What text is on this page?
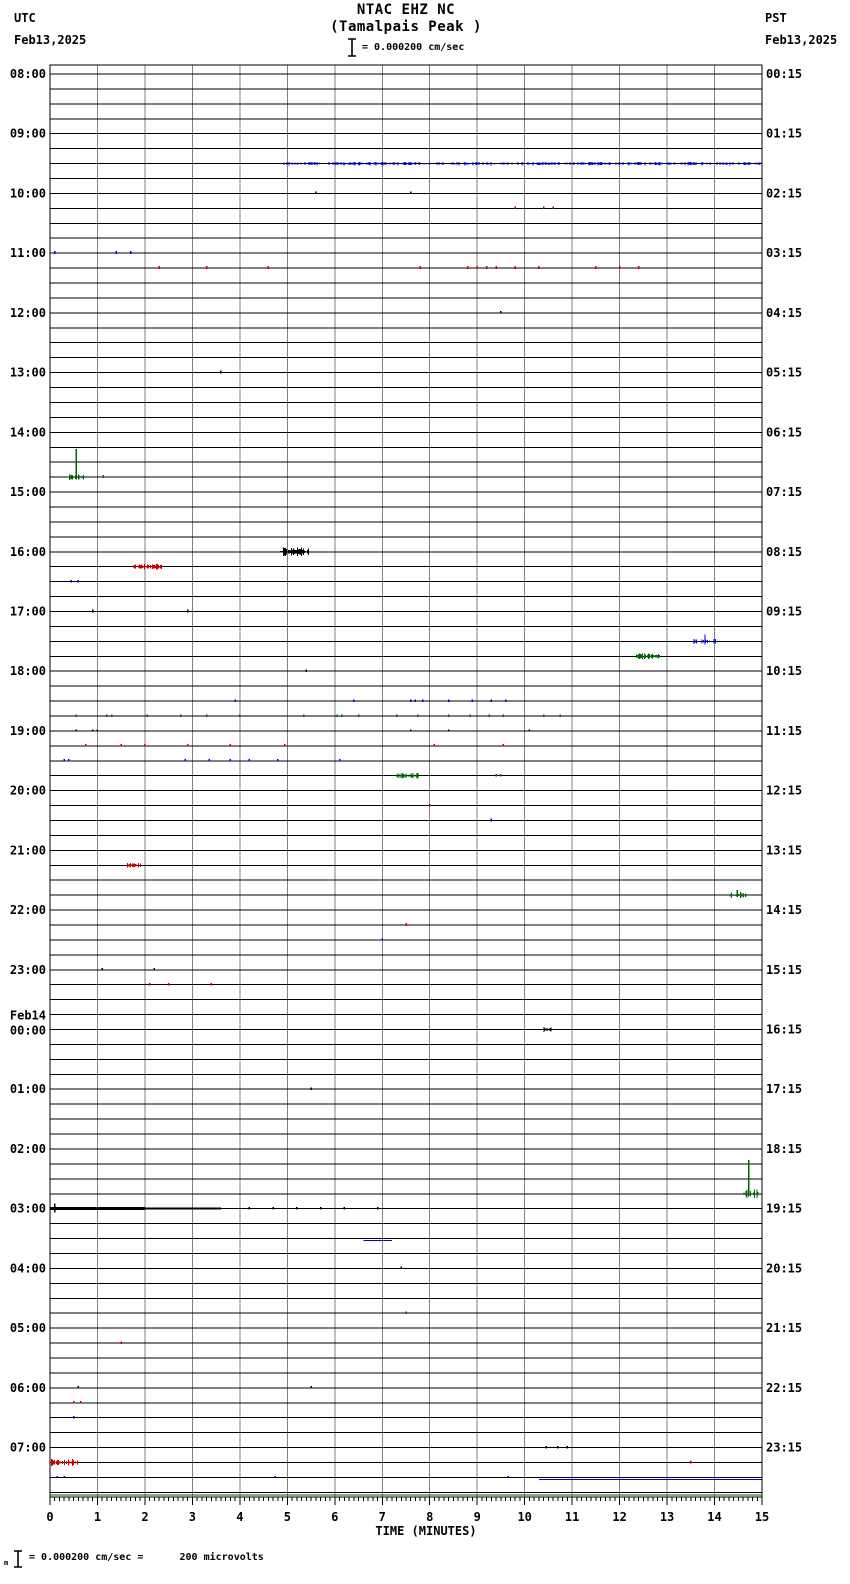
UTC
Feb13,2025
PST
Feb13,2025
NTAC EHZ NC
(Tamalpais Peak )
= 0.000200 cm/sec
08:00
09:00
10:00
11:00
12:00
13:00
14:00
15:00
16:00
17:00
18:00
19:00
20:00
21:00
22:00
23:00
Feb14
00:00
01:00
02:00
03:00
04:00
05:00
06:00
07:00
00:15
01:15
02:15
03:15
04:15
05:15
06:15
07:15
08:15
09:15
10:15
11:15
12:15
13:15
14:15
15:15
16:15
17:15
18:15
19:15
20:15
21:15
22:15
23:15
0	1	2	3	4	5	6	7	8	9	10	11	12	13	14	15
TIME (MINUTES)
m = 0.000200 cm/sec =      200 microvolts
